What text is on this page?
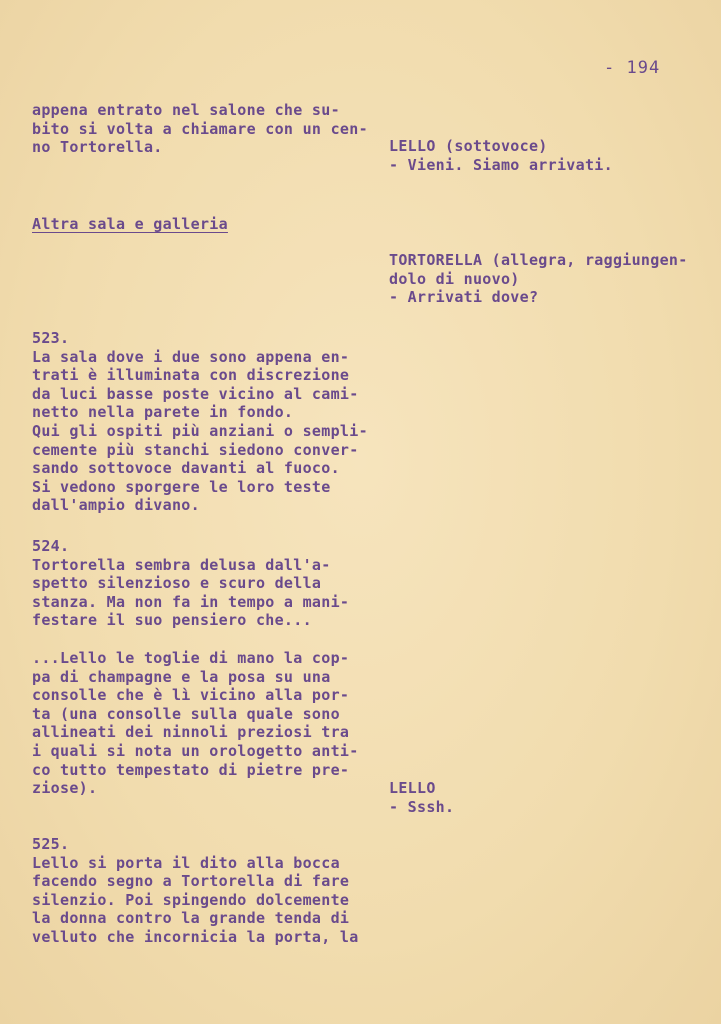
- 194

appena entrato nel salone che su-
bito si volta a chiamare con un cen-
no Tortorella.	LELLO (sottovoce)
- Vieni. Siamo arrivati.

Altra sala e galleria

TORTORELLA (allegra, raggiungen-
dolo di nuovo)
- Arrivati dove?

523.
La sala dove i due sono appena en-
trati è illuminata con discrezione
da luci basse poste vicino al cami-
netto nella parete in fondo.
Qui gli ospiti più anziani o sempli-
cemente più stanchi siedono conver-
sando sottovoce davanti al fuoco.
Si vedono sporgere le loro teste
dall'ampio divano.

524.
Tortorella sembra delusa dall'a-
spetto silenzioso e scuro della
stanza. Ma non fa in tempo a mani-
festare il suo pensiero che...

...Lello le toglie di mano la cop-
pa di champagne e la posa su una
consolle che è lì vicino alla por-
ta (una consolle sulla quale sono
allineati dei ninnoli preziosi tra
i quali si nota un orologetto anti-
co tutto tempestato di pietre pre-
ziose).	LELLO
- Sssh.

525.
Lello si porta il dito alla bocca
facendo segno a Tortorella di fare
silenzio. Poi spingendo dolcemente
la donna contro la grande tenda di
velluto che incornicia la porta, la
